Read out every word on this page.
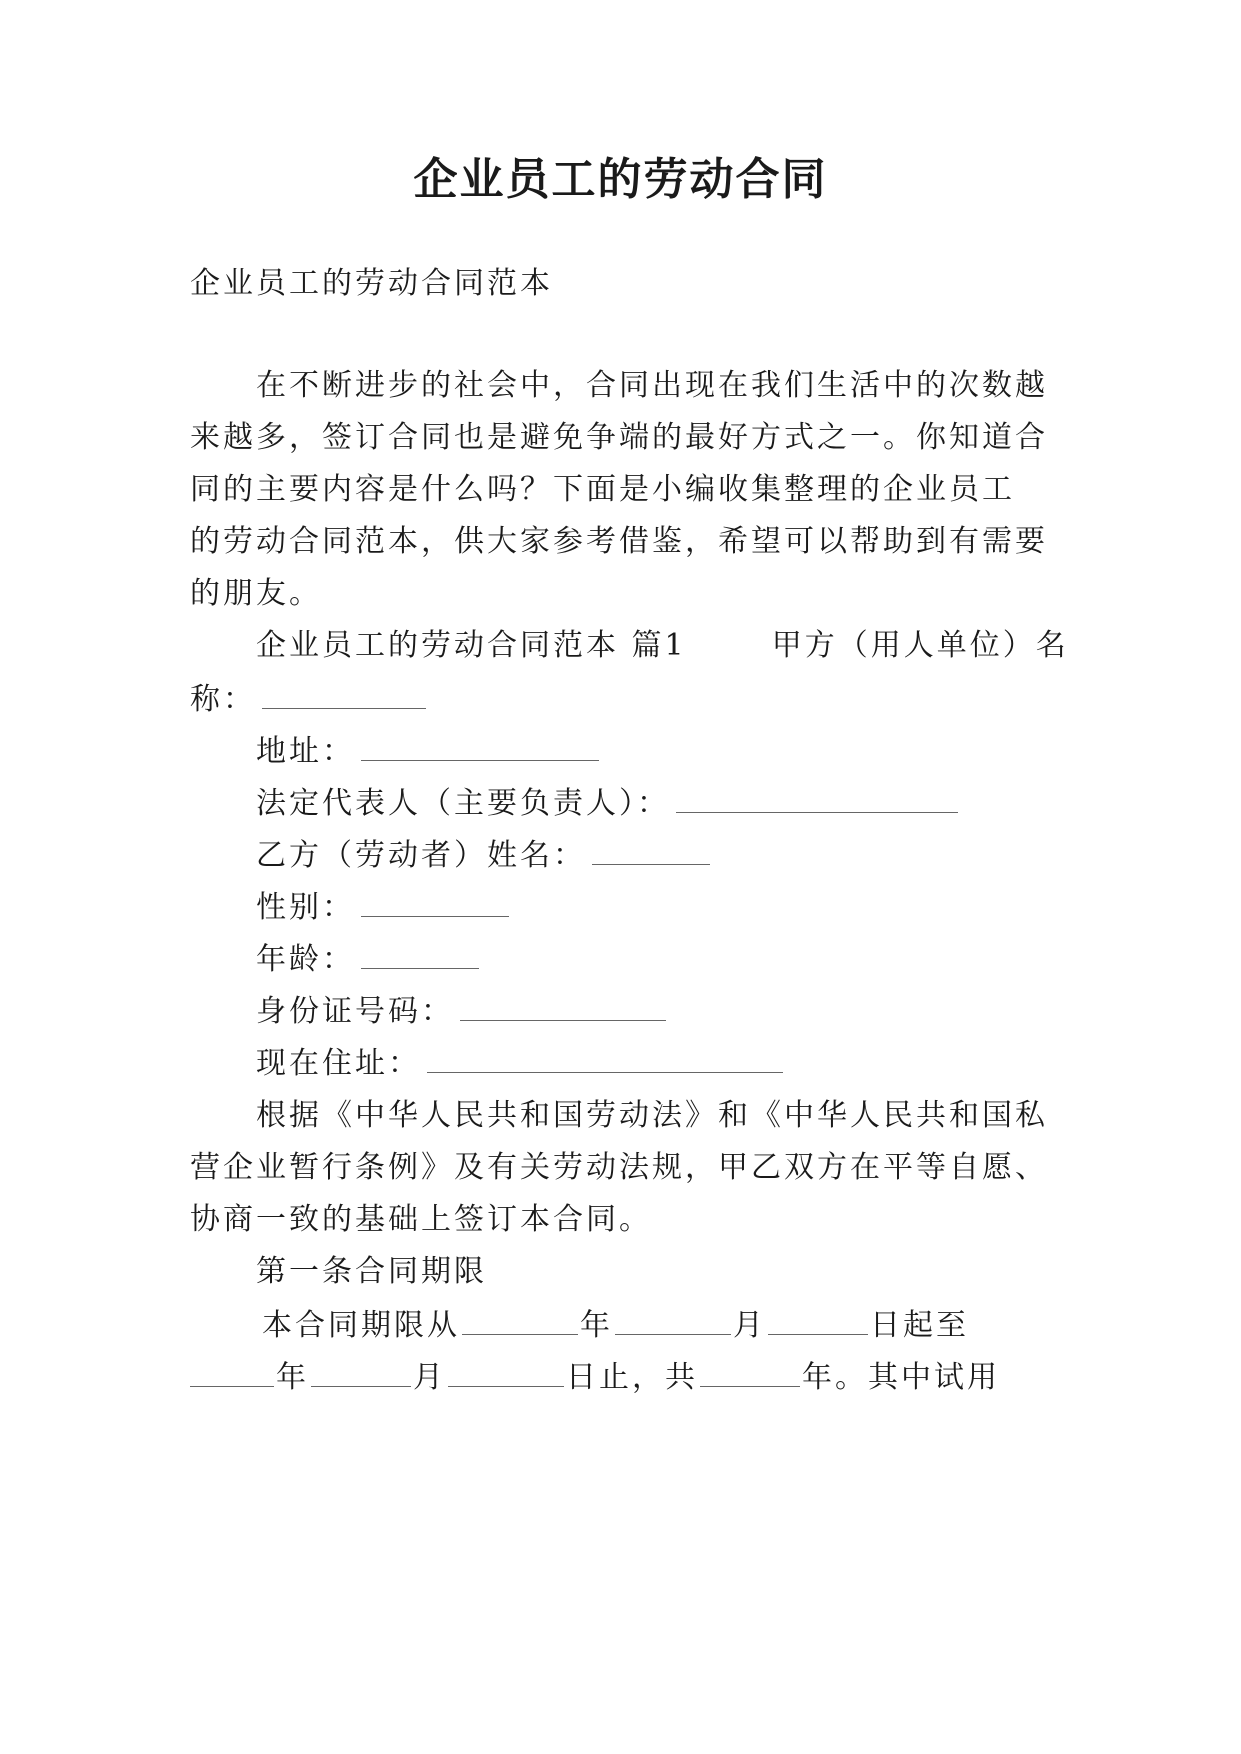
企业员工的劳动合同
企业员工的劳动合同范本
在不断进步的社会中，合同出现在我们生活中的次数越
来越多，签订合同也是避免争端的最好方式之一。你知道合
同的主要内容是什么吗？下面是小编收集整理的企业员工
的劳动合同范本，供大家参考借鉴，希望可以帮助到有需要
的朋友。
企业员工的劳动合同范本 篇1	甲方（用人单位）名
称：
地址：
法定代表人（主要负责人）：
乙方（劳动者）姓名：
性别：
年龄：
身份证号码：
现在住址：
根据《中华人民共和国劳动法》和《中华人民共和国私
营企业暂行条例》及有关劳动法规，甲乙双方在平等自愿、
协商一致的基础上签订本合同。
第一条合同期限
本合同期限从	年	月	日起至
年	月	日止，共	年。其中试用
